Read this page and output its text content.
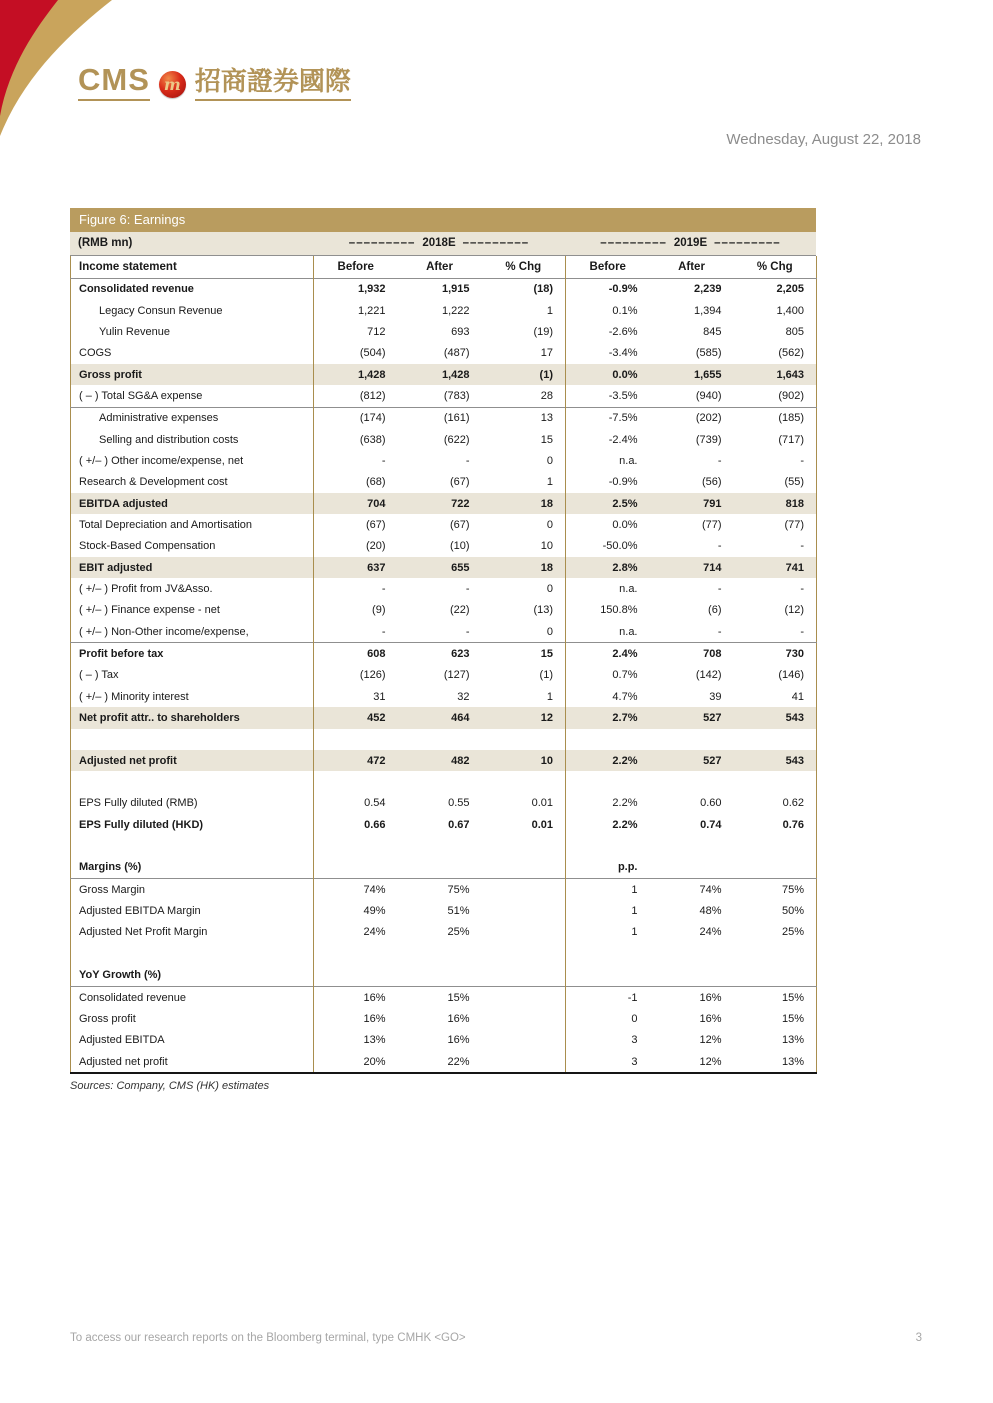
CMS m 招商證券國際
Wednesday, August 22, 2018
Figure 6: Earnings
(RMB mn)	––––––––– 2018E –––––––––	––––––––– 2019E –––––––––
Income statement	Before	After	% Chg	Before	After	% Chg
Consolidated revenue	1,932	1,915	(18)	-0.9%	2,239	2,205
Legacy Consun Revenue	1,221	1,222	1	0.1%	1,394	1,400
Yulin Revenue	712	693	(19)	-2.6%	845	805
COGS	(504)	(487)	17	-3.4%	(585)	(562)
Gross profit	1,428	1,428	(1)	0.0%	1,655	1,643
( – ) Total SG&A expense	(812)	(783)	28	-3.5%	(940)	(902)
Administrative expenses	(174)	(161)	13	-7.5%	(202)	(185)
Selling and distribution costs	(638)	(622)	15	-2.4%	(739)	(717)
( +/– ) Other income/expense, net	-	-	0	n.a.	-	-
Research & Development cost	(68)	(67)	1	-0.9%	(56)	(55)
EBITDA adjusted	704	722	18	2.5%	791	818
Total Depreciation and Amortisation	(67)	(67)	0	0.0%	(77)	(77)
Stock-Based Compensation	(20)	(10)	10	-50.0%	-	-
EBIT adjusted	637	655	18	2.8%	714	741
( +/– ) Profit from JV&Asso.	-	-	0	n.a.	-	-
( +/– ) Finance expense - net	(9)	(22)	(13)	150.8%	(6)	(12)
( +/– ) Non-Other income/expense,	-	-	0	n.a.	-	-
Profit before tax	608	623	15	2.4%	708	730
( – ) Tax	(126)	(127)	(1)	0.7%	(142)	(146)
( +/– ) Minority interest	31	32	1	4.7%	39	41
Net profit attr.. to shareholders	452	464	12	2.7%	527	543

Adjusted net profit	472	482	10	2.2%	527	543

EPS Fully diluted (RMB)	0.54	0.55	0.01	2.2%	0.60	0.62
EPS Fully diluted (HKD)	0.66	0.67	0.01	2.2%	0.74	0.76

Margins (%)				p.p.		
Gross Margin	74%	75%		1	74%	75%
Adjusted EBITDA Margin	49%	51%		1	48%	50%
Adjusted Net Profit Margin	24%	25%		1	24%	25%

YoY Growth (%)						
Consolidated revenue	16%	15%		-1	16%	15%
Gross profit	16%	16%		0	16%	15%
Adjusted EBITDA	13%	16%		3	12%	13%
Adjusted net profit	20%	22%		3	12%	13%
Sources: Company, CMS (HK) estimates
To access our research reports on the Bloomberg terminal, type CMHK <GO>	3
